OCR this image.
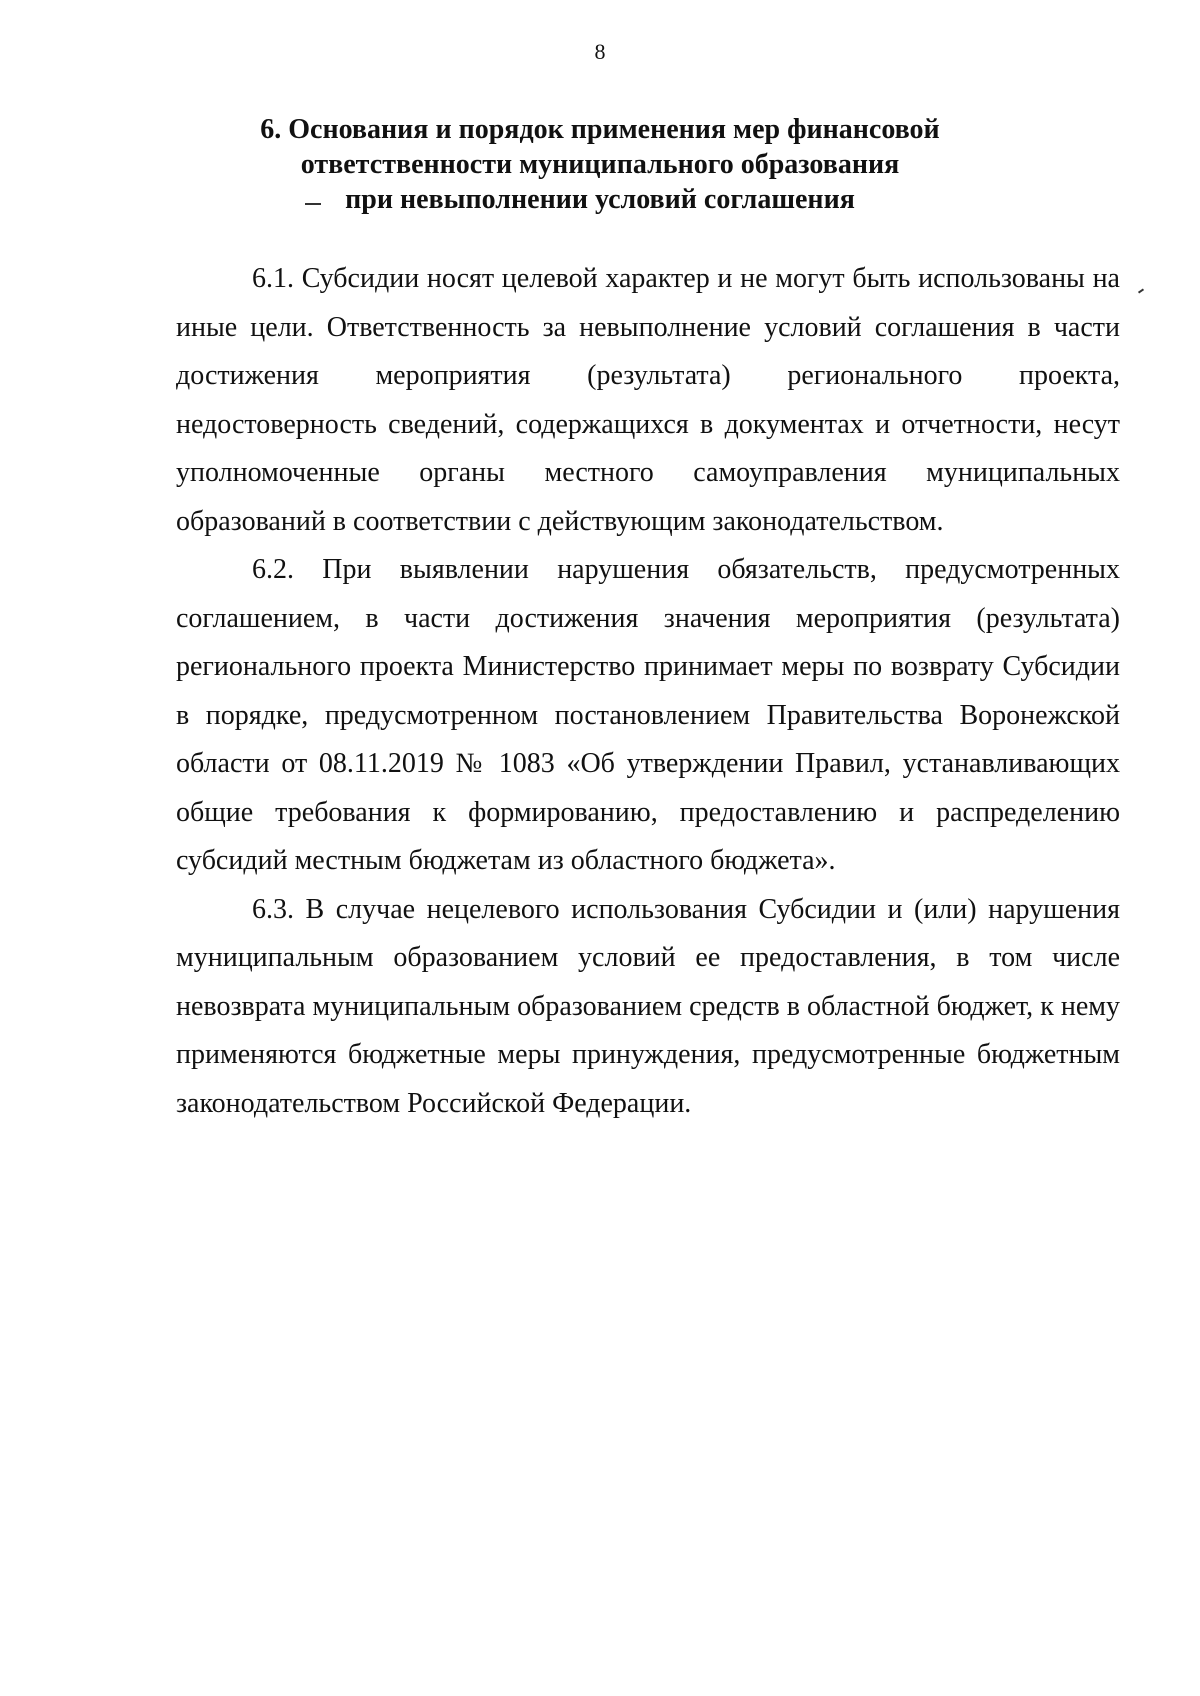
8
6. Основания и порядок применения мер финансовой
ответственности муниципального образования
при невыполнении условий соглашения

6.1. Субсидии носят целевой характер и не могут быть использованы на иные цели. Ответственность за невыполнение условий соглашения в части достижения мероприятия (результата) регионального проекта, недостоверность сведений, содержащихся в документах и отчетности, несут уполномоченные органы местного самоуправления муниципальных образований в соответствии с действующим законодательством.

6.2. При выявлении нарушения обязательств, предусмотренных соглашением, в части достижения значения мероприятия (результата) регионального проекта Министерство принимает меры по возврату Субсидии в порядке, предусмотренном постановлением Правительства Воронежской области от 08.11.2019 № 1083 «Об утверждении Правил, устанавливающих общие требования к формированию, предоставлению и распределению субсидий местным бюджетам из областного бюджета».

6.3. В случае нецелевого использования Субсидии и (или) нарушения муниципальным образованием условий ее предоставления, в том числе невозврата муниципальным образованием средств в областной бюджет, к нему применяются бюджетные меры принуждения, предусмотренные бюджетным законодательством Российской Федерации.
